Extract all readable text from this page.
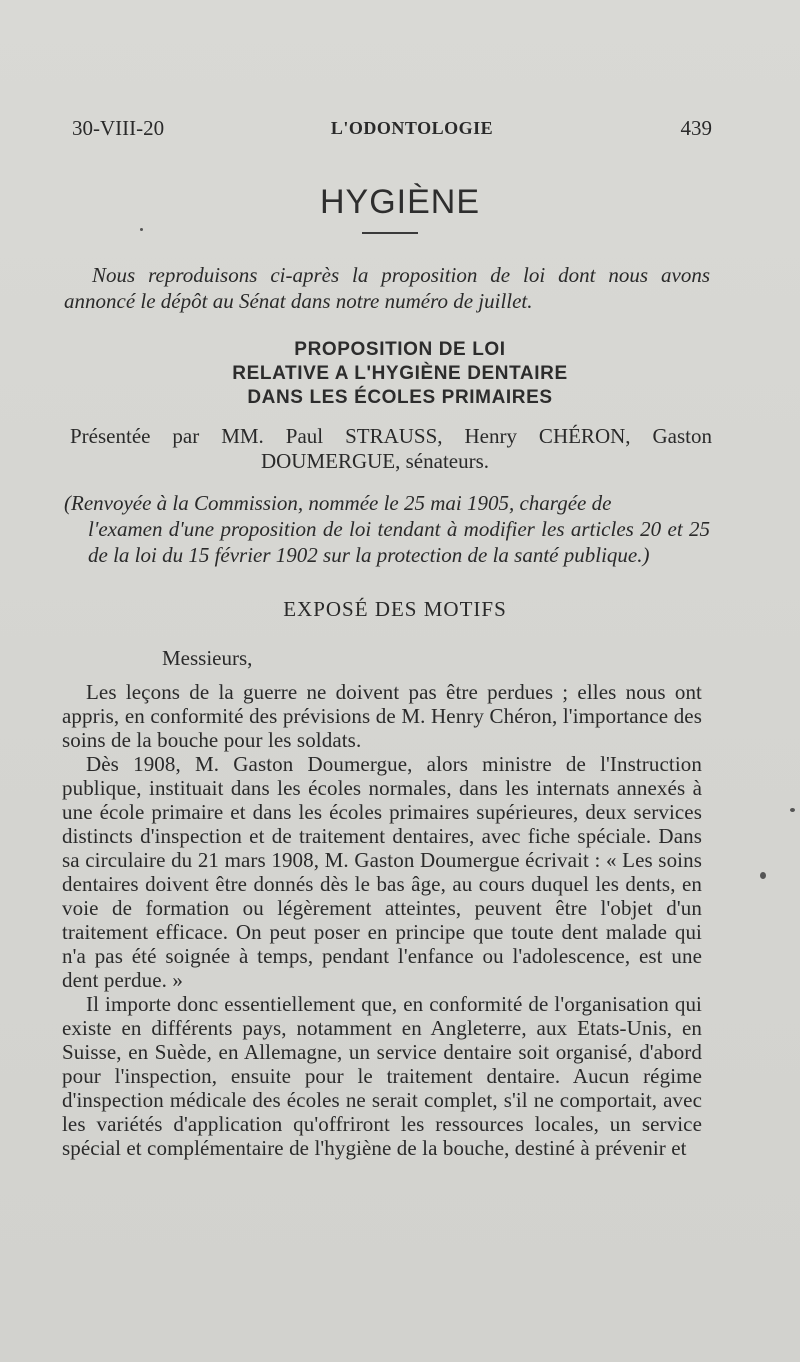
30-VIII-20	L'ODONTOLOGIE	439
HYGIÈNE
Nous reproduisons ci-après la proposition de loi dont nous avons annoncé le dépôt au Sénat dans notre numéro de juillet.
PROPOSITION DE LOI
RELATIVE A L'HYGIÈNE DENTAIRE
DANS LES ÉCOLES PRIMAIRES
Présentée par MM. Paul STRAUSS, Henry CHÉRON, Gaston
DOUMERGUE, sénateurs.
(Renvoyée à la Commission, nommée le 25 mai 1905, chargée de
l'examen d'une proposition de loi tendant à modifier les articles 20 et 25 de la loi du 15 février 1902 sur la protection de la santé publique.)
EXPOSÉ DES MOTIFS
Messieurs,

Les leçons de la guerre ne doivent pas être perdues ; elles nous ont appris, en conformité des prévisions de M. Henry Chéron, l'importance des soins de la bouche pour les soldats.

Dès 1908, M. Gaston Doumergue, alors ministre de l'Instruction publique, instituait dans les écoles normales, dans les internats annexés à une école primaire et dans les écoles primaires supérieures, deux services distincts d'inspection et de traitement dentaires, avec fiche spéciale. Dans sa circulaire du 21 mars 1908, M. Gaston Doumergue écrivait : « Les soins dentaires doivent être donnés dès le bas âge, au cours duquel les dents, en voie de formation ou légèrement atteintes, peuvent être l'objet d'un traitement efficace. On peut poser en principe que toute dent malade qui n'a pas été soignée à temps, pendant l'enfance ou l'adolescence, est une dent perdue. »

Il importe donc essentiellement que, en conformité de l'organisation qui existe en différents pays, notamment en Angleterre, aux Etats-Unis, en Suisse, en Suède, en Allemagne, un service dentaire soit organisé, d'abord pour l'inspection, ensuite pour le traitement dentaire. Aucun régime d'inspection médicale des écoles ne serait complet, s'il ne comportait, avec les variétés d'application qu'offriront les ressources locales, un service spécial et complémentaire de l'hygiène de la bouche, destiné à prévenir et
